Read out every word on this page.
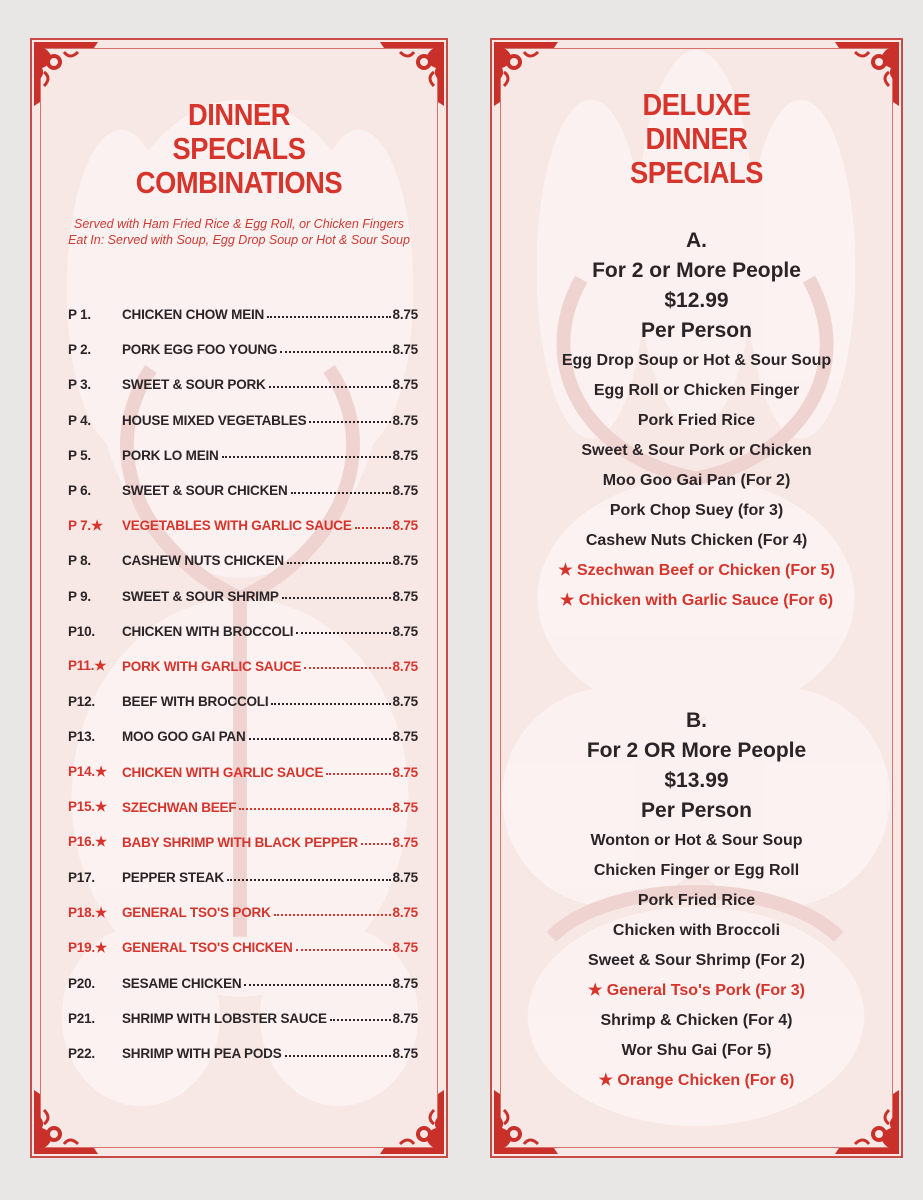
DINNER
SPECIALS
COMBINATIONS
Served with Ham Fried Rice & Egg Roll, or Chicken Fingers
Eat In: Served with Soup, Egg Drop Soup or Hot & Sour Soup
P 1.	CHICKEN CHOW MEIN	8.75
P 2.	PORK EGG FOO YOUNG	8.75
P 3.	SWEET & SOUR PORK	8.75
P 4.	HOUSE MIXED VEGETABLES	8.75
P 5.	PORK LO MEIN	8.75
P 6.	SWEET & SOUR CHICKEN	8.75
P 7.★	VEGETABLES WITH GARLIC SAUCE	8.75
P 8.	CASHEW NUTS CHICKEN	8.75
P 9.	SWEET & SOUR SHRIMP	8.75
P10.	CHICKEN WITH BROCCOLI	8.75
P11.★	PORK WITH GARLIC SAUCE	8.75
P12.	BEEF WITH BROCCOLI	8.75
P13.	MOO GOO GAI PAN	8.75
P14.★	CHICKEN WITH GARLIC SAUCE	8.75
P15.★	SZECHWAN BEEF	8.75
P16.★	BABY SHRIMP WITH BLACK PEPPER	8.75
P17.	PEPPER STEAK	8.75
P18.★	GENERAL TSO'S PORK	8.75
P19.★	GENERAL TSO'S CHICKEN	8.75
P20.	SESAME CHICKEN	8.75
P21.	SHRIMP WITH LOBSTER SAUCE	8.75
P22.	SHRIMP WITH PEA PODS	8.75
DELUXE
DINNER
SPECIALS
A.
For 2 or More People
$12.99
Per Person
Egg Drop Soup or Hot & Sour Soup
Egg Roll or Chicken Finger
Pork Fried Rice
Sweet & Sour Pork or Chicken
Moo Goo Gai Pan (For 2)
Pork Chop Suey (for 3)
Cashew Nuts Chicken (For 4)
★ Szechwan Beef or Chicken (For 5)
★ Chicken with Garlic Sauce (For 6)
B.
For 2 OR More People
$13.99
Per Person
Wonton or Hot & Sour Soup
Chicken Finger or Egg Roll
Pork Fried Rice
Chicken with Broccoli
Sweet & Sour Shrimp (For 2)
★ General Tso's Pork (For 3)
Shrimp & Chicken (For 4)
Wor Shu Gai (For 5)
★ Orange Chicken (For 6)
